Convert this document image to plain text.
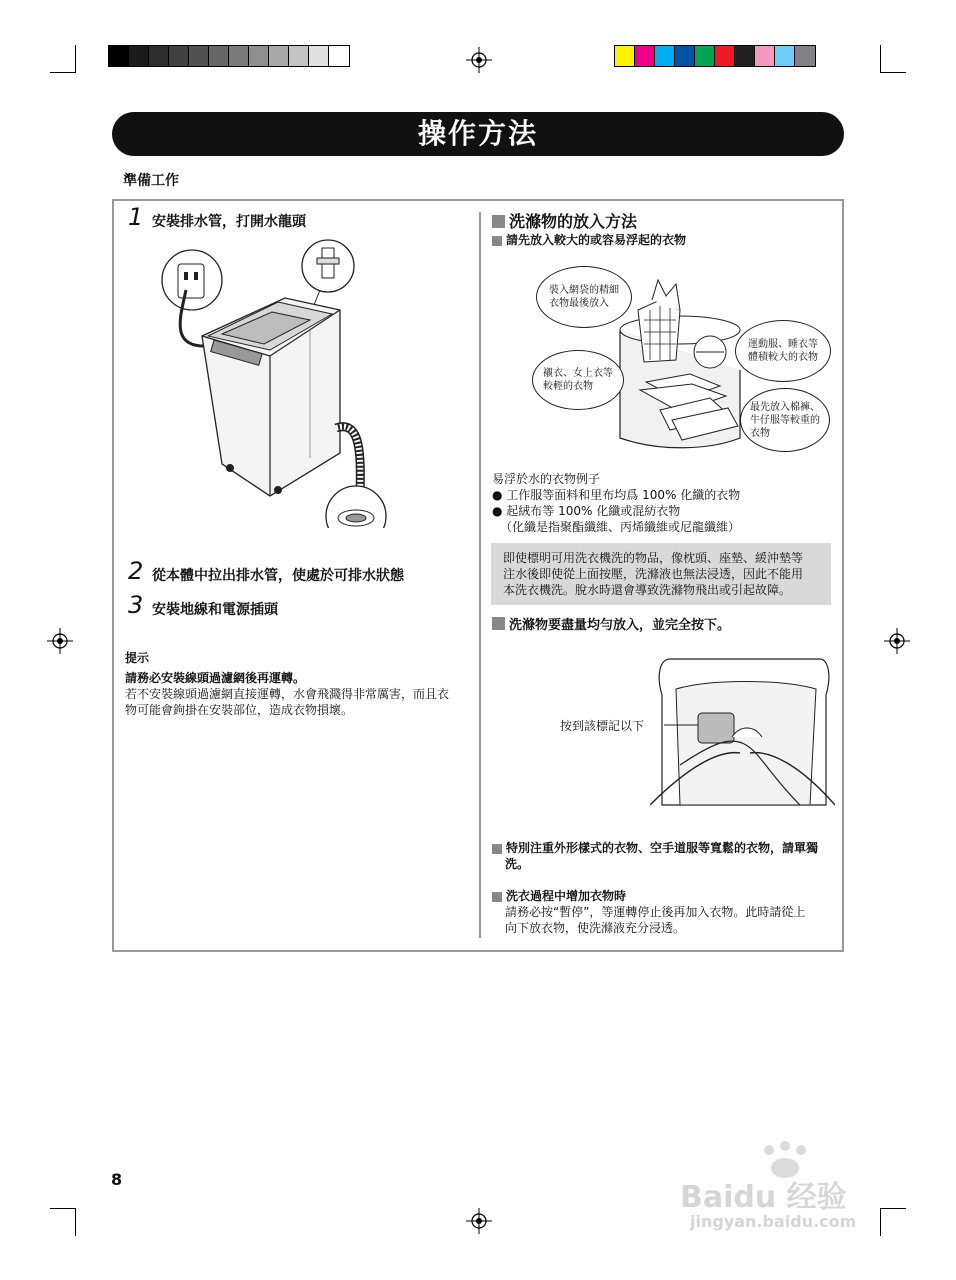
操作方法
準備工作
1 安裝排水管，打開水龍頭
2 從本體中拉出排水管，使處於可排水狀態
3 安裝地線和電源插頭
提示
請務必安裝線頭過濾網後再運轉。
若不安裝線頭過濾網直接運轉，水會飛濺得非常厲害，而且衣
物可能會鉤掛在安裝部位，造成衣物損壞。
洗滌物的放入方法
請先放入較大的或容易浮起的衣物
裝入網袋的精細
衣物最後放入
運動服、睡衣等
體積較大的衣物
襯衣、女上衣等
較輕的衣物
最先放入棉褲、
牛仔服等較重的
衣物
易浮於水的衣物例子
● 工作服等面料和里布均爲 100% 化纖的衣物
● 起絨布等 100% 化纖或混紡衣物
（化纖是指聚酯纖維、丙烯纖維或尼龍纖維）
即使標明可用洗衣機洗的物品，像枕頭、座墊、緩沖墊等
注水後即使從上面按壓，洗滌液也無法浸透，因此不能用
本洗衣機洗。脫水時還會導致洗滌物飛出或引起故障。
洗滌物要盡量均勻放入，並完全按下。
按到該標記以下
特別注重外形樣式的衣物、空手道服等寬鬆的衣物，請單獨
洗。
洗衣過程中增加衣物時
請務必按“暫停”，等運轉停止後再加入衣物。此時請從上
向下放衣物，使洗滌液充分浸透。
8
Baidu 经验
jingyan.baidu.com
